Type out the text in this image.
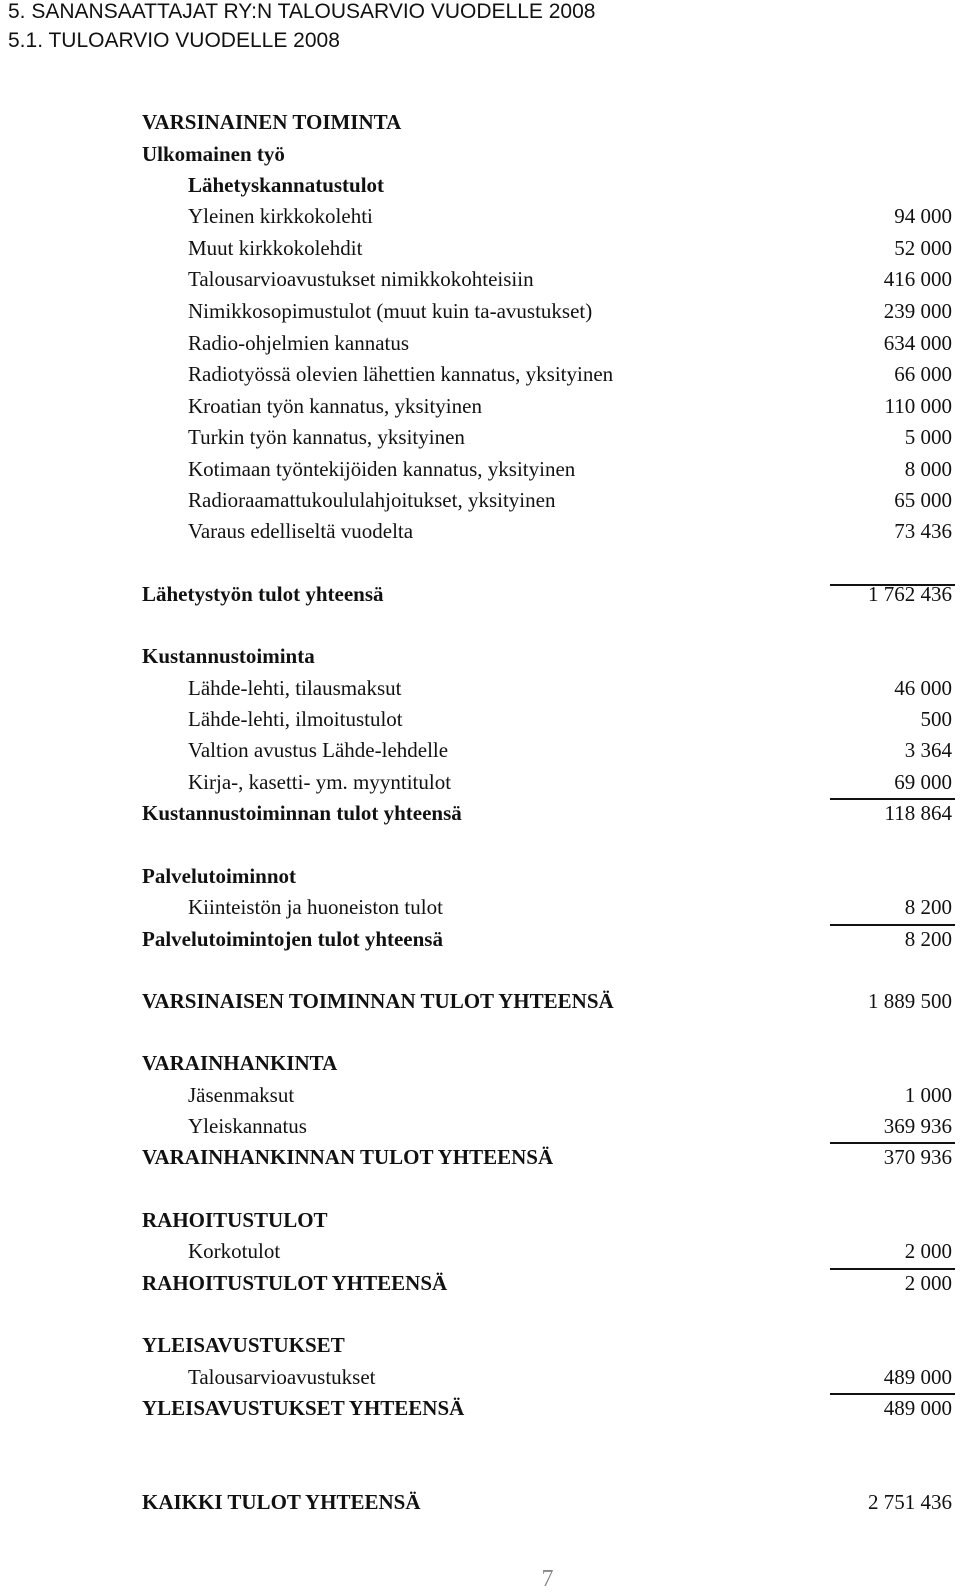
5. SANANSAATTAJAT RY:N TALOUSARVIO VUODELLE 2008
5.1. TULOARVIO VUODELLE 2008
VARSINAINEN TOIMINTA
Ulkomainen työ
Lähetyskannatustulot
Yleinen kirkkokolehti	94 000
Muut kirkkokolehdit	52 000
Talousarvioavustukset nimikkokohteisiin	416 000
Nimikkosopimustulot (muut kuin ta-avustukset)	239 000
Radio-ohjelmien kannatus	634 000
Radiotyössä olevien lähettien kannatus, yksityinen	66 000
Kroatian työn kannatus, yksityinen	110 000
Turkin työn kannatus, yksityinen	5 000
Kotimaan työntekijöiden kannatus, yksityinen	8 000
Radioraamattukoululahjoitukset, yksityinen	65 000
Varaus edelliseltä vuodelta	73 436
Lähetystyön tulot yhteensä	1 762 436
Kustannustoiminta
Lähde-lehti, tilausmaksut	46 000
Lähde-lehti, ilmoitustulot	500
Valtion avustus Lähde-lehdelle	3 364
Kirja-, kasetti- ym. myyntitulot	69 000
Kustannustoiminnan tulot yhteensä	118 864
Palvelutoiminnot
Kiinteistön ja huoneiston tulot	8 200
Palvelutoimintojen tulot yhteensä	8 200
VARSINAISEN TOIMINNAN TULOT YHTEENSÄ	1 889 500
VARAINHANKINTA
Jäsenmaksut	1 000
Yleiskannatus	369 936
VARAINHANKINNAN TULOT YHTEENSÄ	370 936
RAHOITUSTULOT
Korkotulot	2 000
RAHOITUSTULOT YHTEENSÄ	2 000
YLEISAVUSTUKSET
Talousarvioavustukset	489 000
YLEISAVUSTUKSET YHTEENSÄ	489 000
KAIKKI TULOT YHTEENSÄ	2 751 436
7
